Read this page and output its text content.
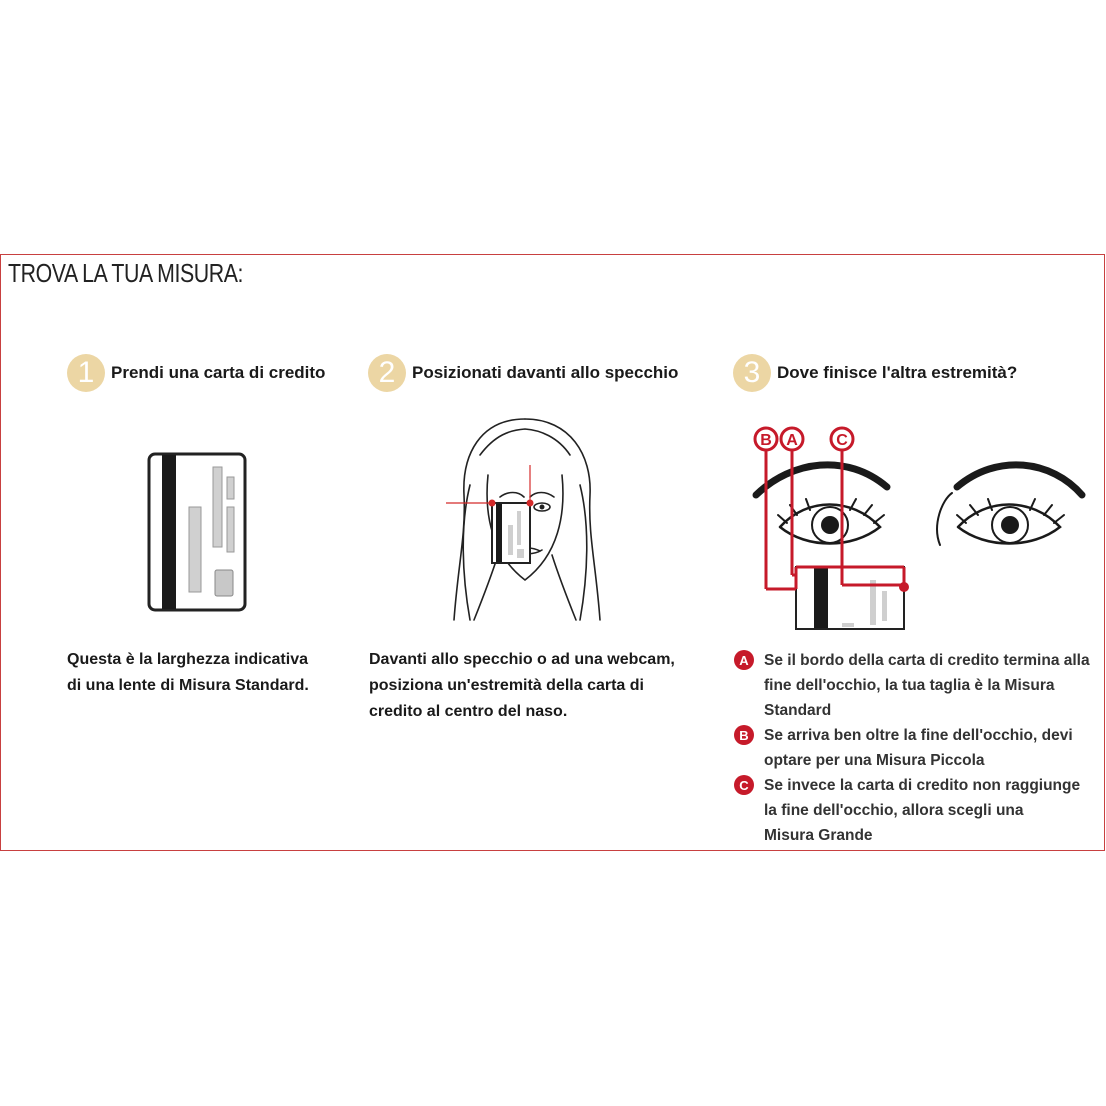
TROVA LA TUA MISURA:
1 Prendi una carta di credito	2 Posizionati davanti allo specchio	3 Dove finisce l'altra estremità?
B A C
Questa è la larghezza indicativa
di una lente di Misura Standard.
Davanti allo specchio o ad una webcam,
posiziona un'estremità della carta di
credito al centro del naso.
A Se il bordo della carta di credito termina alla
fine dell'occhio, la tua taglia è la Misura
Standard
B Se arriva ben oltre la fine dell'occhio, devi
optare per una Misura Piccola
C Se invece la carta di credito non raggiunge
la fine dell'occhio, allora scegli una
Misura Grande
